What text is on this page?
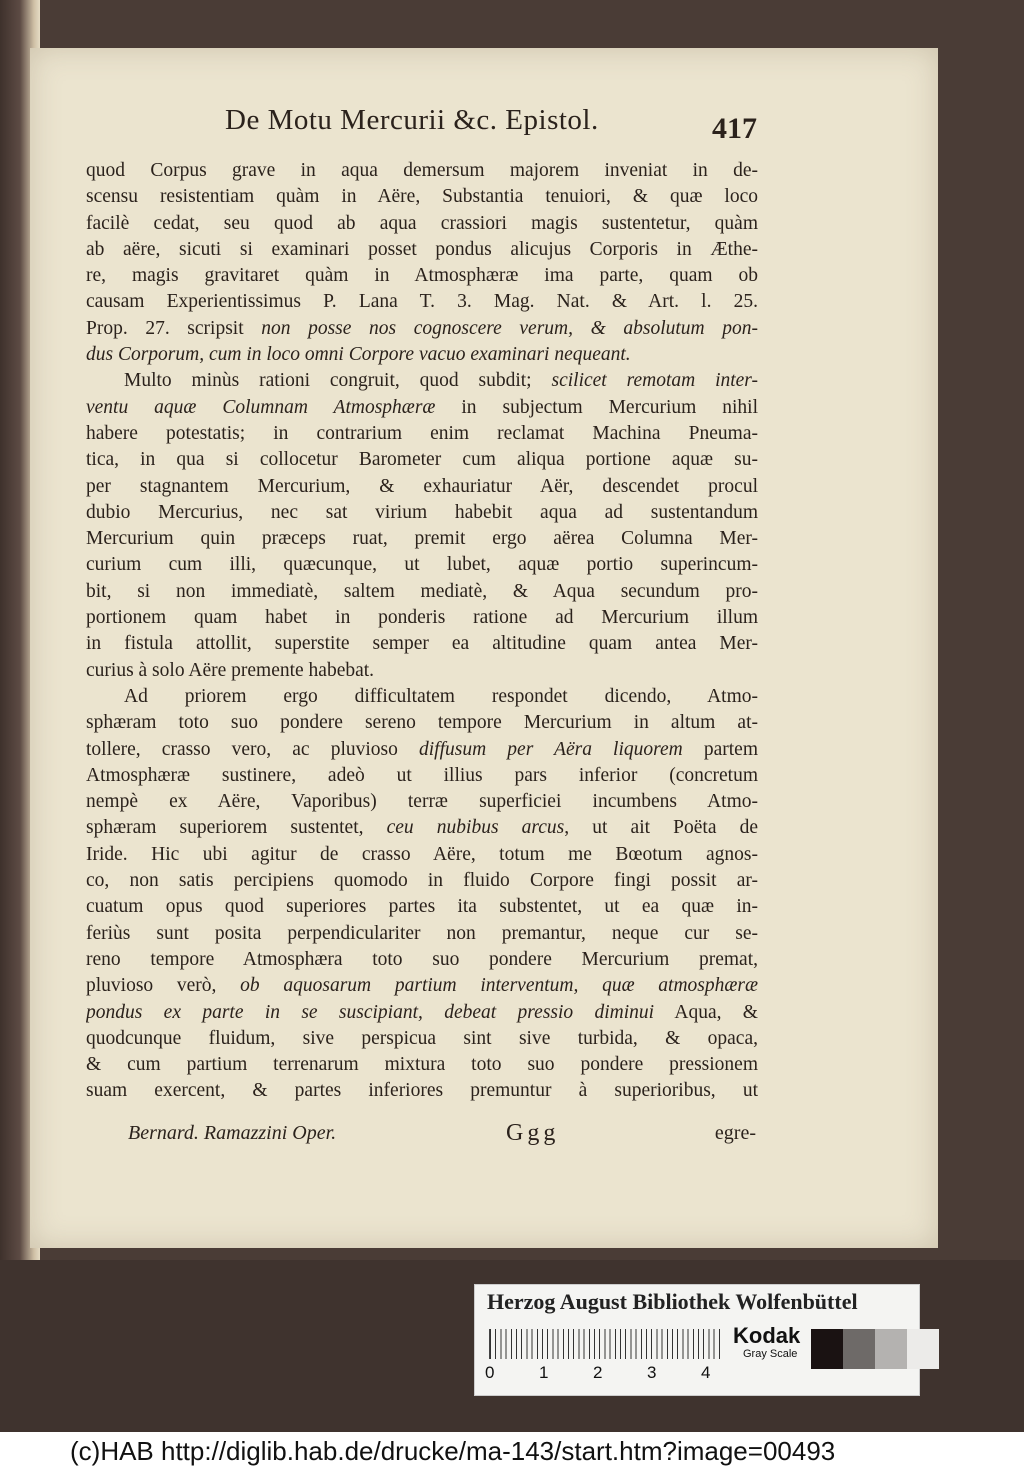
De Motu Mercurii &c. Epistol.	417
quod Corpus grave in aqua demersum majorem inveniat in de-
scensu resistentiam quàm in Aëre, Substantia tenuiori, & quæ loco
facilè cedat, seu quod ab aqua crassiori magis sustentetur, quàm
ab aëre, sicuti si examinari posset pondus alicujus Corporis in Æthe-
re, magis gravitaret quàm in Atmosphæræ ima parte, quam ob
causam Experientissimus P. Lana T. 3. Mag. Nat. & Art. l. 25.
Prop. 27. scripsit non posse nos cognoscere verum, & absolutum pon-
dus Corporum, cum in loco omni Corpore vacuo examinari nequeant.
Multo minùs rationi congruit, quod subdit; scilicet remotam inter-
ventu aquæ Columnam Atmosphæræ in subjectum Mercurium nihil
habere potestatis; in contrarium enim reclamat Machina Pneuma-
tica, in qua si collocetur Barometer cum aliqua portione aquæ su-
per stagnantem Mercurium, & exhauriatur Aër, descendet procul
dubio Mercurius, nec sat virium habebit aqua ad sustentandum
Mercurium quin præceps ruat, premit ergo aërea Columna Mer-
curium cum illi, quæcunque, ut lubet, aquæ portio superincum-
bit, si non immediatè, saltem mediatè, & Aqua secundum pro-
portionem quam habet in ponderis ratione ad Mercurium illum
in fistula attollit, superstite semper ea altitudine quam antea Mer-
curius à solo Aëre premente habebat.
Ad priorem ergo difficultatem respondet dicendo, Atmo-
sphæram toto suo pondere sereno tempore Mercurium in altum at-
tollere, crasso vero, ac pluvioso diffusum per Aëra liquorem partem
Atmosphæræ sustinere, adeò ut illius pars inferior (concretum
nempè ex Aëre, Vaporibus) terræ superficiei incumbens Atmo-
sphæram superiorem sustentet, ceu nubibus arcus, ut ait Poëta de
Iride. Hic ubi agitur de crasso Aëre, totum me Bœotum agnos-
co, non satis percipiens quomodo in fluido Corpore fingi possit ar-
cuatum opus quod superiores partes ita substentet, ut ea quæ in-
feriùs sunt posita perpendiculariter non premantur, neque cur se-
reno tempore Atmosphæra toto suo pondere Mercurium premat,
pluvioso verò, ob aquosarum partium interventum, quæ atmosphæræ
pondus ex parte in se suscipiant, debeat pressio diminui Aqua, &
quodcunque fluidum, sive perspicua sint sive turbida, & opaca,
& cum partium terrenarum mixtura toto suo pondere pressionem
suam exercent, & partes inferiores premuntur à superioribus, ut
Bernard. Ramazzini Oper.	Ggg	egre-
Herzog August Bibliothek Wolfenbüttel
0	1	2	3	4
Kodak
Gray Scale
(c)HAB http://diglib.hab.de/drucke/ma-143/start.htm?image=00493
